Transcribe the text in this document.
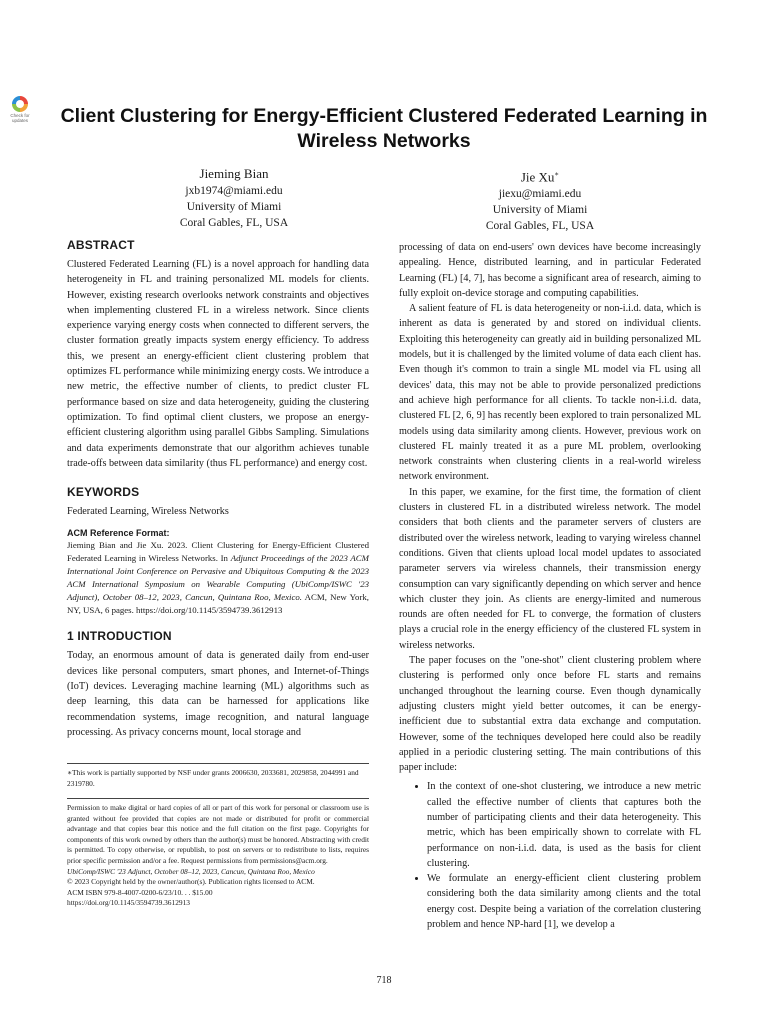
Check for updates	Client Clustering for Energy-Efficient Clustered Federated Learning in Wireless Networks
Jieming Bian
jxb1974@miami.edu
University of Miami
Coral Gables, FL, USA
Jie Xu∗
jiexu@miami.edu
University of Miami
Coral Gables, FL, USA
ABSTRACT

Clustered Federated Learning (FL) is a novel approach for handling data heterogeneity in FL and training personalized ML models for clients. However, existing research overlooks network constraints and objectives when implementing clustered FL in a wireless network. Since clients experience varying energy costs when connected to different servers, the cluster formation greatly impacts system energy efficiency. To address this, we present an energy-efficient client clustering problem that optimizes FL performance while minimizing energy costs. We introduce a new metric, the effective number of clients, to predict cluster FL performance based on size and data heterogeneity, guiding the clustering optimization. To find optimal client clusters, we propose an energy-efficient clustering algorithm using parallel Gibbs Sampling. Simulations and data experiments demonstrate that our algorithm achieves tunable trade-offs between data similarity (thus FL performance) and energy cost.

KEYWORDS

Federated Learning, Wireless Networks

ACM Reference Format:
Jieming Bian and Jie Xu. 2023. Client Clustering for Energy-Efficient Clustered Federated Learning in Wireless Networks. In Adjunct Proceedings of the 2023 ACM International Joint Conference on Pervasive and Ubiquitous Computing & the 2023 ACM International Symposium on Wearable Computing (UbiComp/ISWC '23 Adjunct), October 08–12, 2023, Cancun, Quintana Roo, Mexico. ACM, New York, NY, USA, 6 pages. https://doi.org/10.1145/3594739.3612913
1 INTRODUCTION

Today, an enormous amount of data is generated daily from end-user devices like personal computers, smart phones, and Internet-of-Things (IoT) devices. Leveraging machine learning (ML) algorithms such as deep learning, this data can be harnessed for applications like recommendation systems, image recognition, and natural language processing. As privacy concerns mount, local storage and

∗This work is partially supported by NSF under grants 2006630, 2033681, 2029858, 2044991 and 2319780.
Permission to make digital or hard copies of all or part of this work for personal or classroom use is granted without fee provided that copies are not made or distributed for profit or commercial advantage and that copies bear this notice and the full citation on the first page. Copyrights for components of this work owned by others than the author(s) must be honored. Abstracting with credit is permitted. To copy otherwise, or republish, to post on servers or to redistribute to lists, requires prior specific permission and/or a fee. Request permissions from permissions@acm.org.
UbiComp/ISWC '23 Adjunct, October 08–12, 2023, Cancun, Quintana Roo, Mexico
© 2023 Copyright held by the owner/author(s). Publication rights licensed to ACM.
ACM ISBN 979-8-4007-0200-6/23/10. . . $15.00
https://doi.org/10.1145/3594739.3612913

processing of data on end-users' own devices have become increasingly appealing. Hence, distributed learning, and in particular Federated Learning (FL) [4, 7], has become a significant area of research, aiming to fully exploit on-device storage and computing capabilities.

A salient feature of FL is data heterogeneity or non-i.i.d. data, which is inherent as data is generated by and stored on individual clients. Exploiting this heterogeneity can greatly aid in building personalized ML models, but it is challenged by the limited volume of data each client has. Even though it's common to train a single ML model via FL using all devices' data, this may not be able to provide personalized predictions and achieve high performance for all clients. To tackle non-i.i.d. data, clustered FL [2, 6, 9] has recently been explored to train personalized ML models using data similarity among clients. However, previous work on clustered FL mainly treated it as a pure ML problem, overlooking network constraints when clustering clients in a real-world wireless network environment.

In this paper, we examine, for the first time, the formation of client clusters in clustered FL in a distributed wireless network. The model considers that both clients and the parameter servers of clusters are distributed over the wireless network, leading to varying wireless channel conditions. Given that clients upload local model updates to associated parameter servers via wireless channels, their transmission energy consumption can vary significantly depending on which server and hence which cluster they join. As clients are energy-limited and numerous rounds are often needed for FL to converge, the formation of clusters plays a crucial role in the energy efficiency of the clustered FL system in wireless networks.

The paper focuses on the "one-shot" client clustering problem where clustering is performed only once before FL starts and remains unchanged throughout the learning course. Even though dynamically adjusting clusters might yield better outcomes, it can be energy-inefficient due to substantial extra data exchange and computation. However, some of the techniques developed here could also be readily applied in a periodic clustering setting. The main contributions of this paper include:

• In the context of one-shot clustering, we introduce a new metric called the effective number of clients that captures both the number of participating clients and their data heterogeneity. This metric, which has been empirically shown to correlate with FL performance on non-i.i.d. data, is used as the basis for client clustering.
• We formulate an energy-efficient client clustering problem considering both the data similarity among clients and the total energy cost. Despite being a variation of the correlation clustering problem and hence NP-hard [1], we develop a
718
